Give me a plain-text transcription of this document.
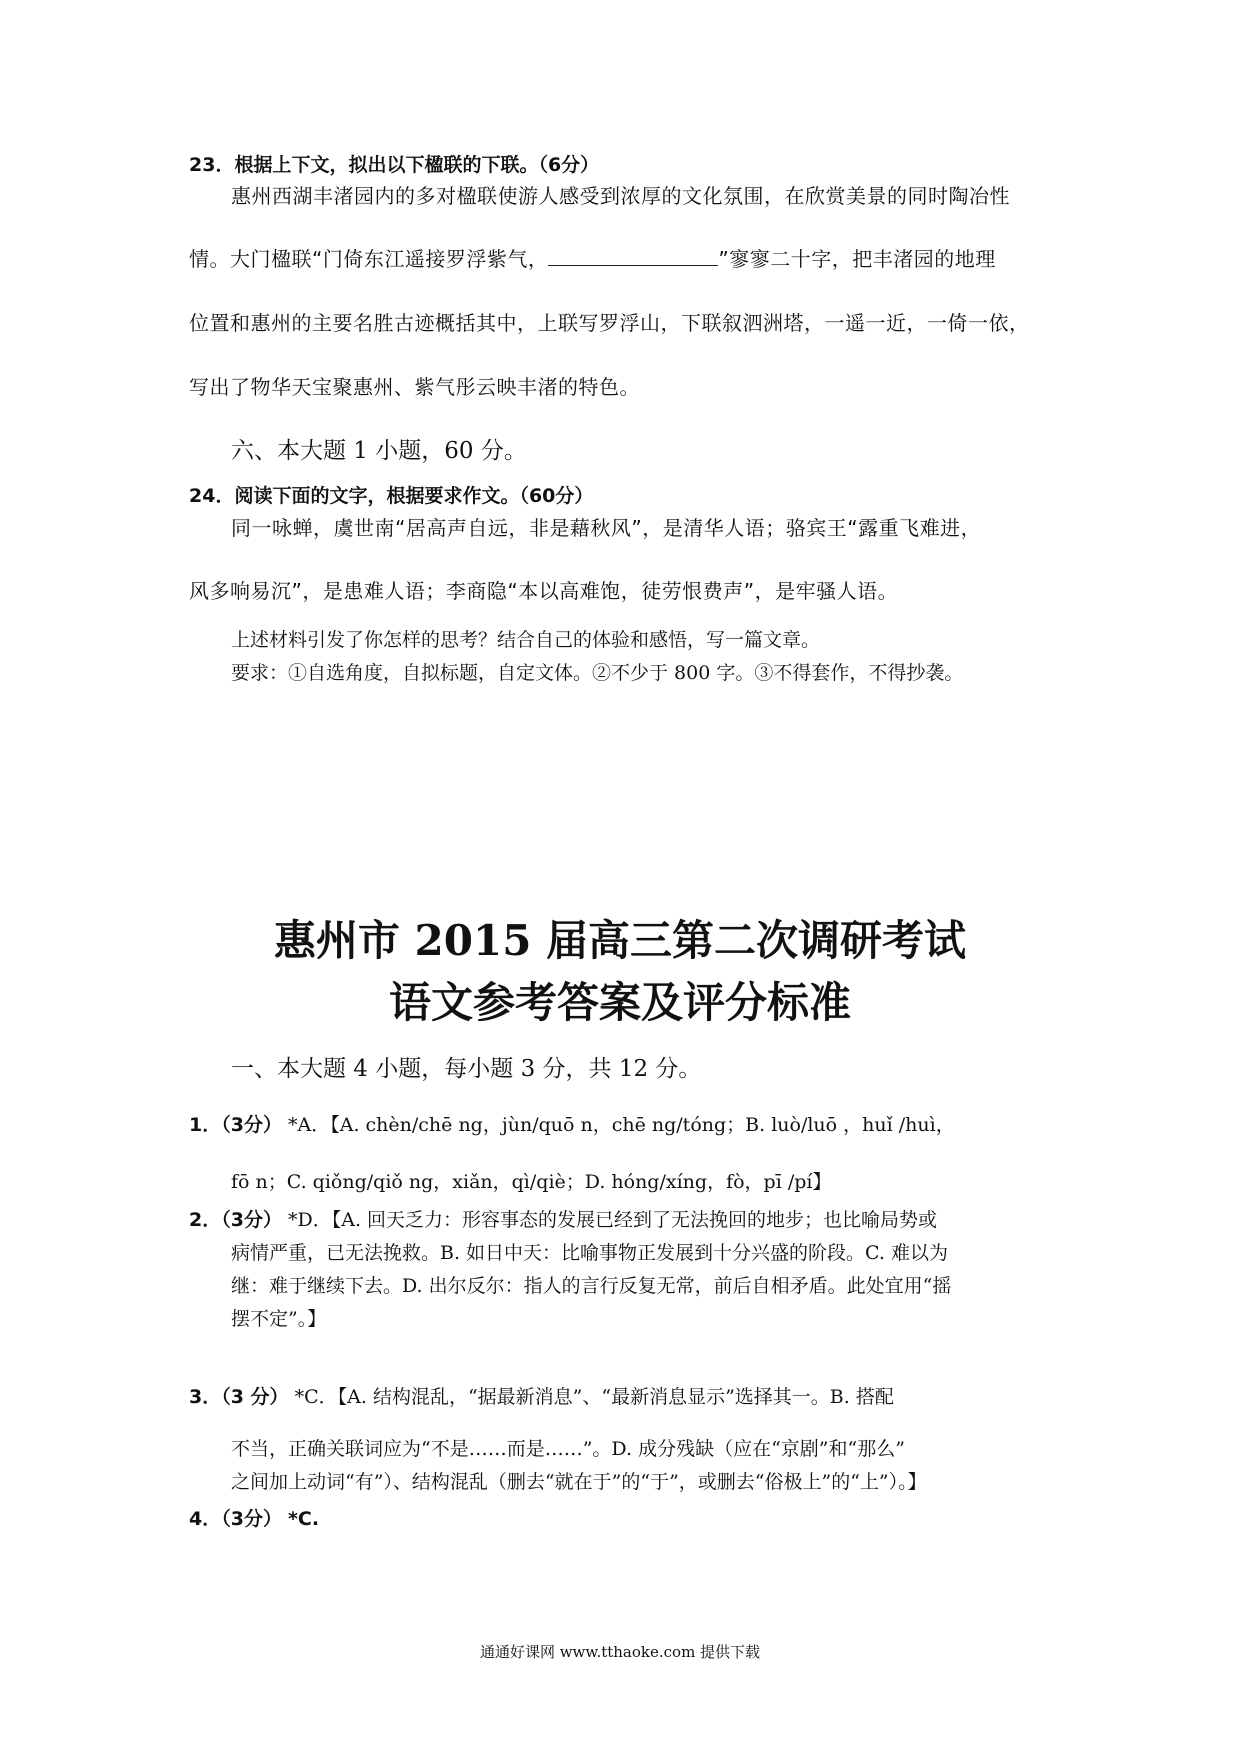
23．根据上下文，拟出以下楹联的下联。（6分）
惠州西湖丰渚园内的多对楹联使游人感受到浓厚的文化氛围，在欣赏美景的同时陶冶性
情。大门楹联“门倚东江遥接罗浮紫气，	”寥寥二十字，把丰渚园的地理
位置和惠州的主要名胜古迹概括其中，上联写罗浮山，下联叙泗洲塔，一遥一近，一倚一依，
写出了物华天宝聚惠州、紫气彤云映丰渚的特色。
六、本大题 1 小题，60 分。
24．阅读下面的文字，根据要求作文。（60分）
同一咏蝉，虞世南“居高声自远，非是藉秋风”，是清华人语；骆宾王“露重飞难进，
风多响易沉”，是患难人语；李商隐“本以高难饱，徒劳恨费声”，是牢骚人语。
上述材料引发了你怎样的思考？结合自己的体验和感悟，写一篇文章。
要求：①自选角度，自拟标题，自定文体。②不少于 800 字。③不得套作，不得抄袭。
惠州市 2015 届高三第二次调研考试
语文参考答案及评分标准
一、本大题 4 小题，每小题 3 分，共 12 分。
1．（3分） *A．【A. chèn/chē ng，jùn/quō n，chē ng/tóng；B. luò/luō ，huǐ /huì，
fō n；C. qiǒng/qiǒ ng，xiǎn，qì/qiè；D. hóng/xíng，fò，pī /pí】
2．（3分） *D．【A. 回天乏力：形容事态的发展已经到了无法挽回的地步；也比喻局势或
病情严重，已无法挽救。B. 如日中天：比喻事物正发展到十分兴盛的阶段。C. 难以为
继：难于继续下去。D. 出尔反尔：指人的言行反复无常，前后自相矛盾。此处宜用“摇
摆不定”。】
3．（3 分） *C．【A. 结构混乱，“据最新消息”、“最新消息显示”选择其一。B. 搭配
不当，正确关联词应为“不是……而是……”。D. 成分残缺（应在“京剧”和“那么”
之间加上动词“有”）、结构混乱（删去“就在于”的“于”，或删去“俗极上”的“上”）。】
4．（3分） *C.
通通好课网 www.tthaoke.com 提供下载
